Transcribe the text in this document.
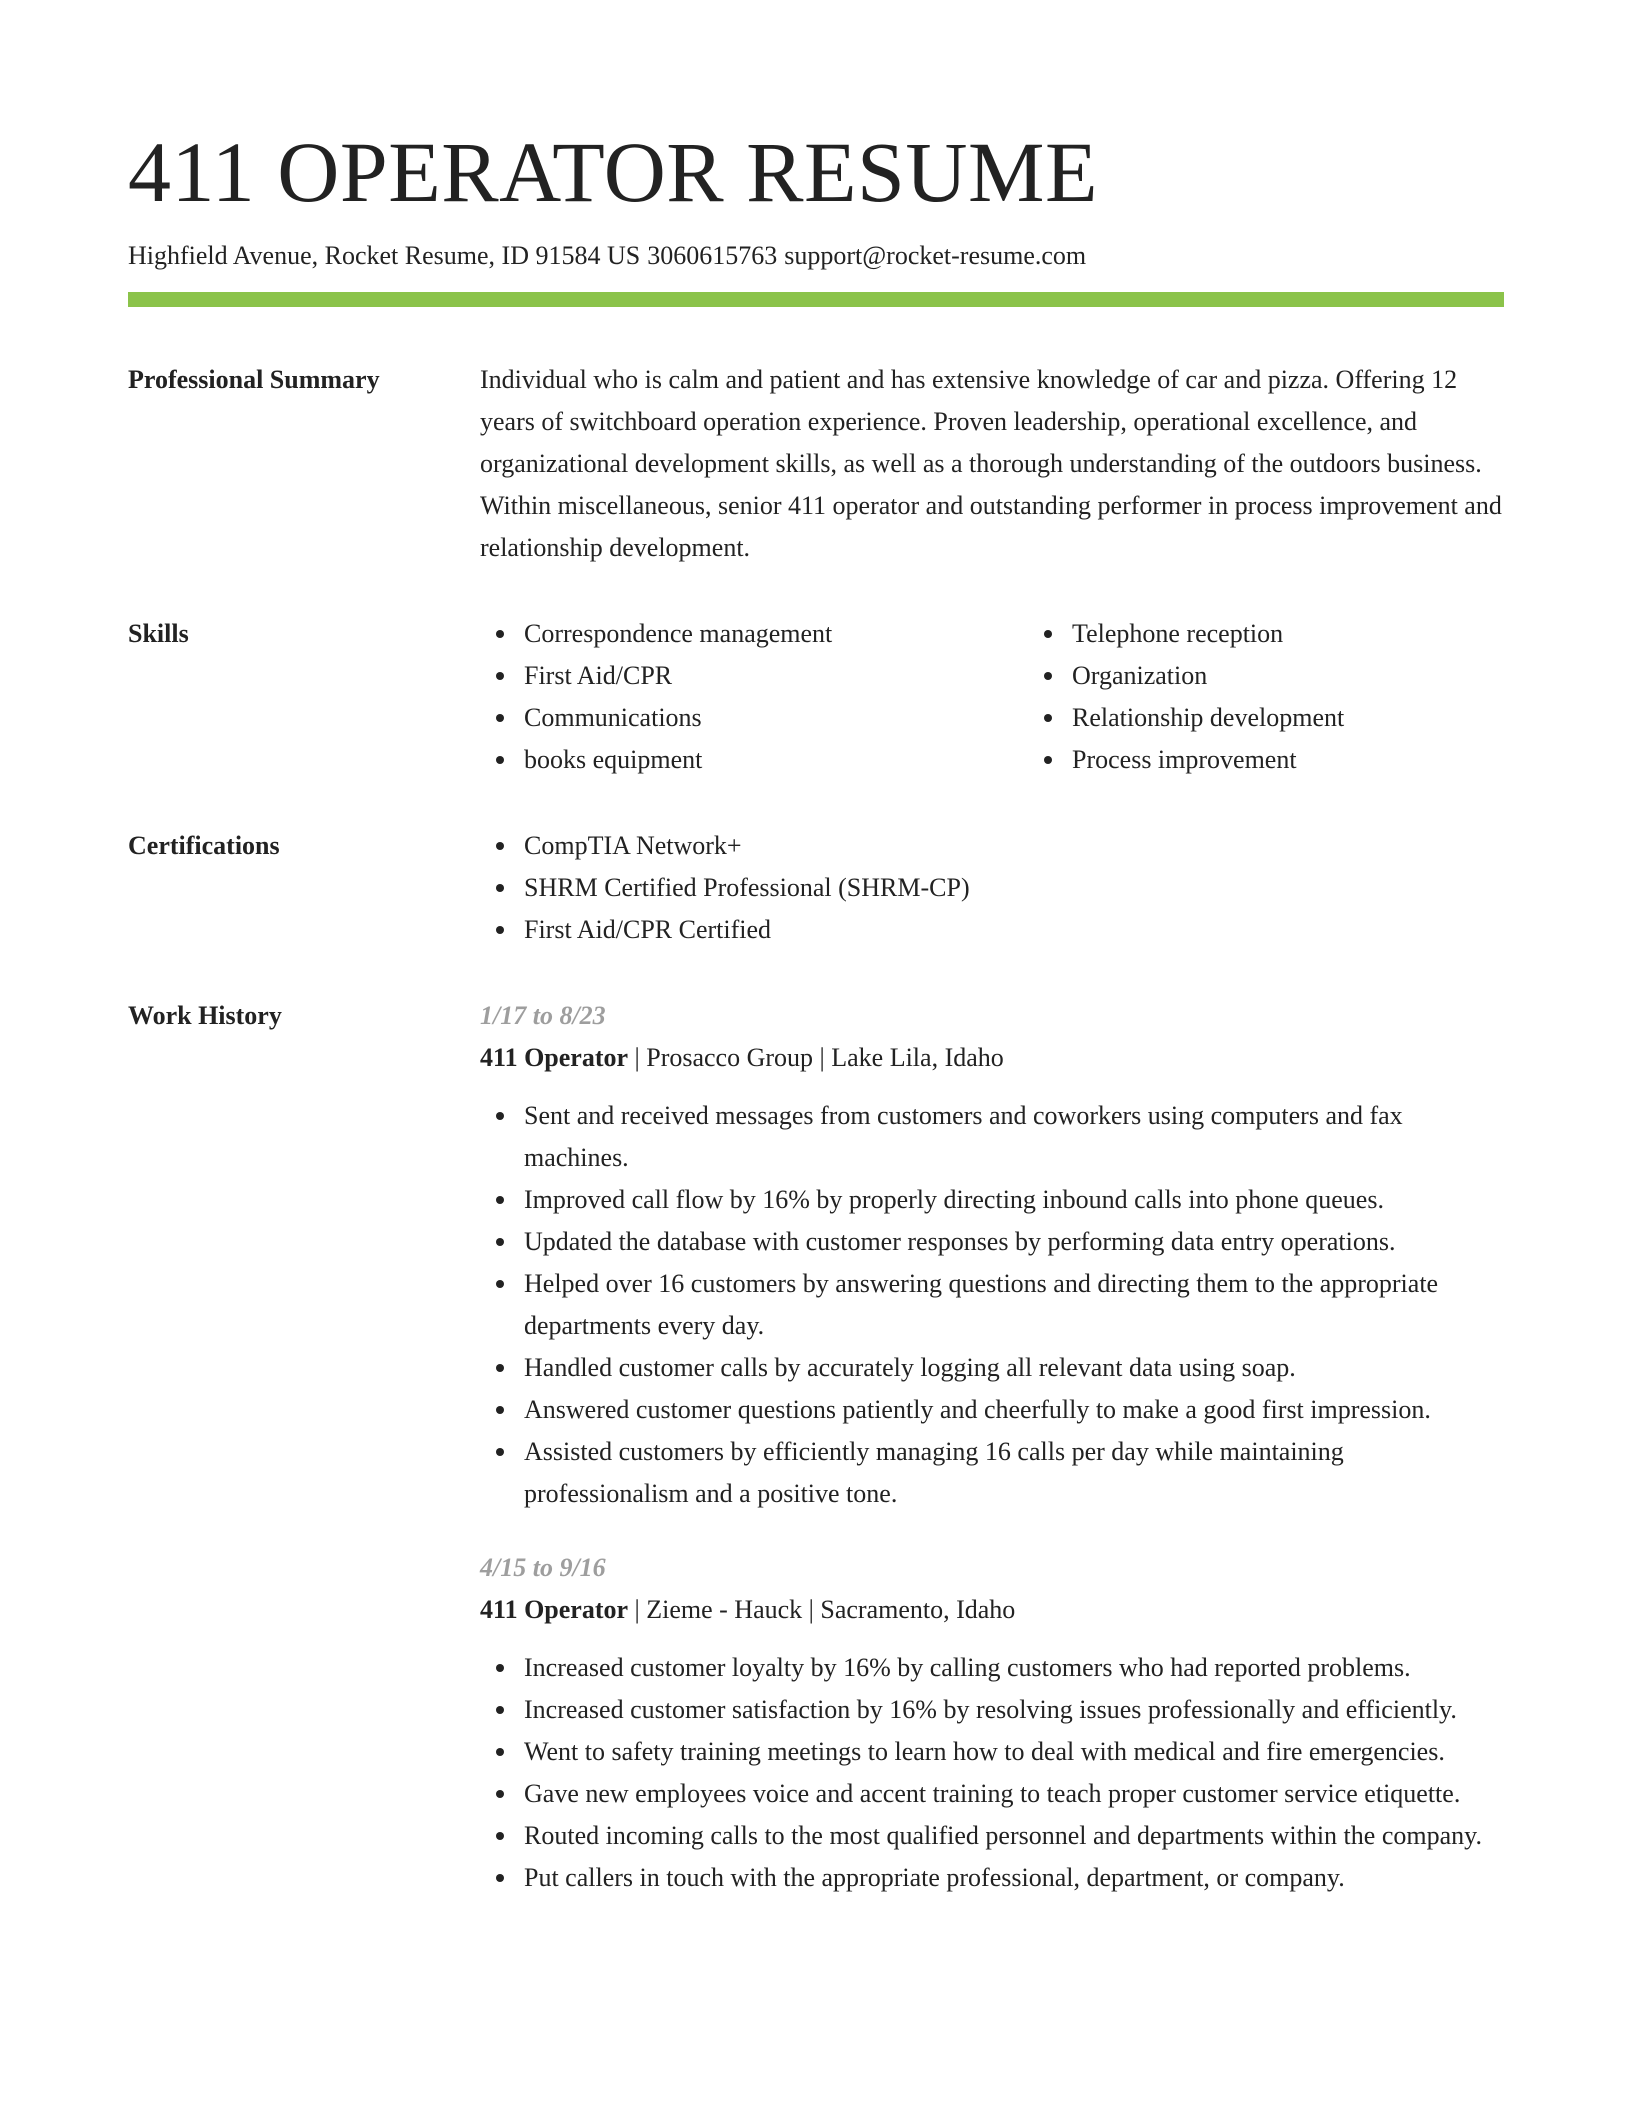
411 OPERATOR RESUME
Highfield Avenue, Rocket Resume, ID 91584 US 3060615763 support@rocket-resume.com
Professional Summary	Individual who is calm and patient and has extensive knowledge of car and pizza. Offering 12 years of switchboard operation experience. Proven leadership, operational excellence, and organizational development skills, as well as a thorough understanding of the outdoors business. Within miscellaneous, senior 411 operator and outstanding performer in process improvement and relationship development.

Skills	Correspondence management
First Aid/CPR
Communications
books equipment
Telephone reception
Organization
Relationship development
Process improvement
Certifications	CompTIA Network+
SHRM Certified Professional (SHRM-CP)
First Aid/CPR Certified
Work History	1/17 to 8/23
411 Operator | Prosacco Group | Lake Lila, Idaho
Sent and received messages from customers and coworkers using computers and fax machines.
Improved call flow by 16% by properly directing inbound calls into phone queues.
Updated the database with customer responses by performing data entry operations.
Helped over 16 customers by answering questions and directing them to the appropriate departments every day.
Handled customer calls by accurately logging all relevant data using soap.
Answered customer questions patiently and cheerfully to make a good first impression.
Assisted customers by efficiently managing 16 calls per day while maintaining professionalism and a positive tone.
4/15 to 9/16
411 Operator | Zieme - Hauck | Sacramento, Idaho
Increased customer loyalty by 16% by calling customers who had reported problems.
Increased customer satisfaction by 16% by resolving issues professionally and efficiently.
Went to safety training meetings to learn how to deal with medical and fire emergencies.
Gave new employees voice and accent training to teach proper customer service etiquette.
Routed incoming calls to the most qualified personnel and departments within the company.
Put callers in touch with the appropriate professional, department, or company.
